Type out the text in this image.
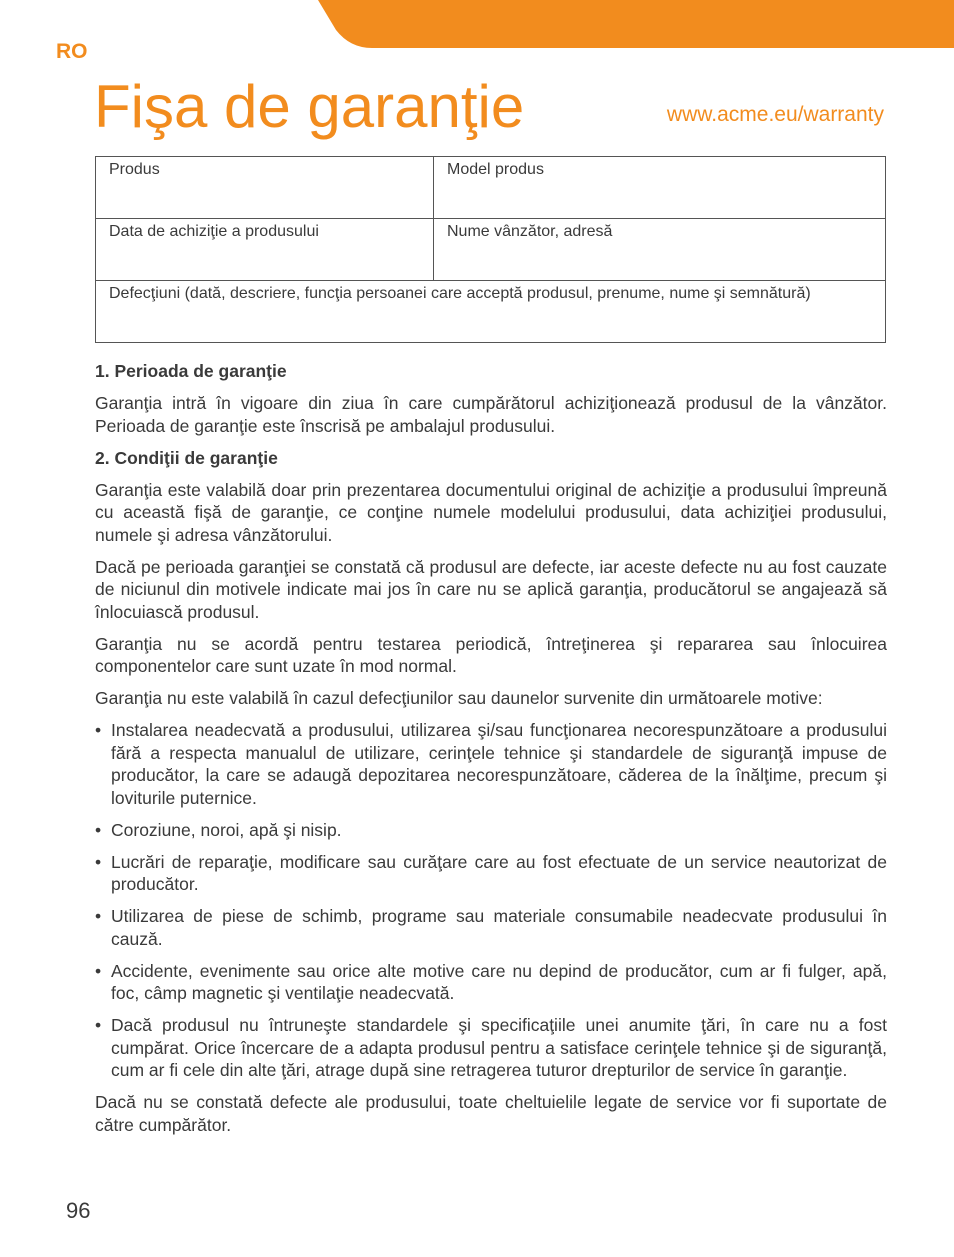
RO
Fişa de garanţie	www.acme.eu/warranty
Produs	Model produs
Data de achiziţie a produsului	Nume vânzător, adresă
Defecţiuni (dată, descriere, funcţia persoanei care acceptă produsul, prenume, nume şi semnătură)	
1. Perioada de garanţie

Garanţia intră în vigoare din ziua în care cumpărătorul achiziţionează produsul de la vânzător. Perioada de garanţie este înscrisă pe ambalajul produsului.

2. Condiţii de garanţie

Garanţia este valabilă doar prin prezentarea documentului original de achiziţie a produsului împreună cu această fişă de garanţie, ce conţine numele modelului produsului, data achiziţiei produsului, numele şi adresa vânzătorului.

Dacă pe perioada garanţiei se constată că produsul are defecte, iar aceste defecte nu au fost cauzate de niciunul din motivele indicate mai jos în care nu se aplică garanţia, producătorul se angajează să înlocuiască produsul.

Garanţia nu se acordă pentru testarea periodică, întreţinerea şi repararea sau înlocuirea componentelor care sunt uzate în mod normal.

Garanţia nu este valabilă în cazul defecţiunilor sau daunelor survenite din următoarele motive:

• Instalarea neadecvată a produsului, utilizarea şi/sau funcţionarea necorespunzătoare a produsului fără a respecta manualul de utilizare, cerinţele tehnice şi standardele de siguranţă impuse de producător, la care se adaugă depozitarea necorespunzătoare, căderea de la înălţime, precum şi loviturile puternice.
• Coroziune, noroi, apă şi nisip.
• Lucrări de reparaţie, modificare sau curăţare care au fost efectuate de un service neautorizat de producător.
• Utilizarea de piese de schimb, programe sau materiale consumabile neadecvate produsului în cauză.
• Accidente, evenimente sau orice alte motive care nu depind de producător, cum ar fi fulger, apă, foc, câmp magnetic şi ventilaţie neadecvată.
• Dacă produsul nu întruneşte standardele şi specificaţiile unei anumite ţări, în care nu a fost cumpărat. Orice încercare de a adapta produsul pentru a satisface cerinţele tehnice şi de siguranţă, cum ar fi cele din alte ţări, atrage după sine retragerea tuturor drepturilor de service în garanţie.

Dacă nu se constată defecte ale produsului, toate cheltuielile legate de service vor fi suportate de către cumpărător.

96
